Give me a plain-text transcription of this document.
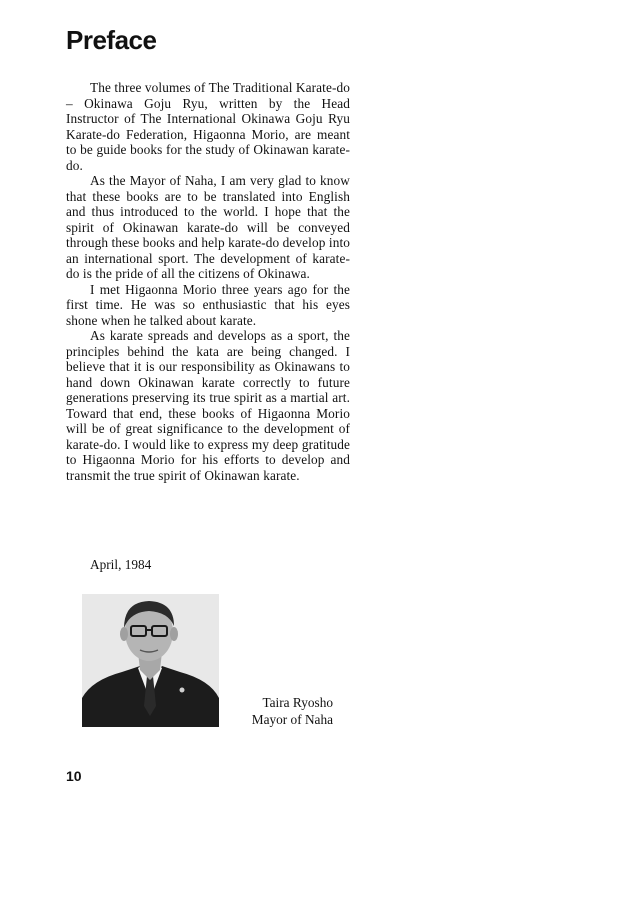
Preface

The three volumes of The Traditional Karate-do – Okinawa Goju Ryu, written by the Head Instructor of The International Okinawa Goju Ryu Karate-do Federation, Higaonna Morio, are meant to be guide books for the study of Okinawan karate-do.

As the Mayor of Naha, I am very glad to know that these books are to be translated into English and thus introduced to the world. I hope that the spirit of Okinawan karate-do will be conveyed through these books and help karate-do develop into an international sport. The development of karate-do is the pride of all the citizens of Okinawa.

I met Higaonna Morio three years ago for the first time. He was so enthusiastic that his eyes shone when he talked about karate.

As karate spreads and develops as a sport, the principles behind the kata are being changed. I believe that it is our responsibility as Okinawans to hand down Okinawan karate correctly to future generations preserving its true spirit as a martial art. Toward that end, these books of Higaonna Morio will be of great significance to the development of karate-do. I would like to express my deep gratitude to Higaonna Morio for his efforts to develop and transmit the true spirit of Okinawan karate.

April, 1984

Taira Ryosho
Mayor of Naha
10
